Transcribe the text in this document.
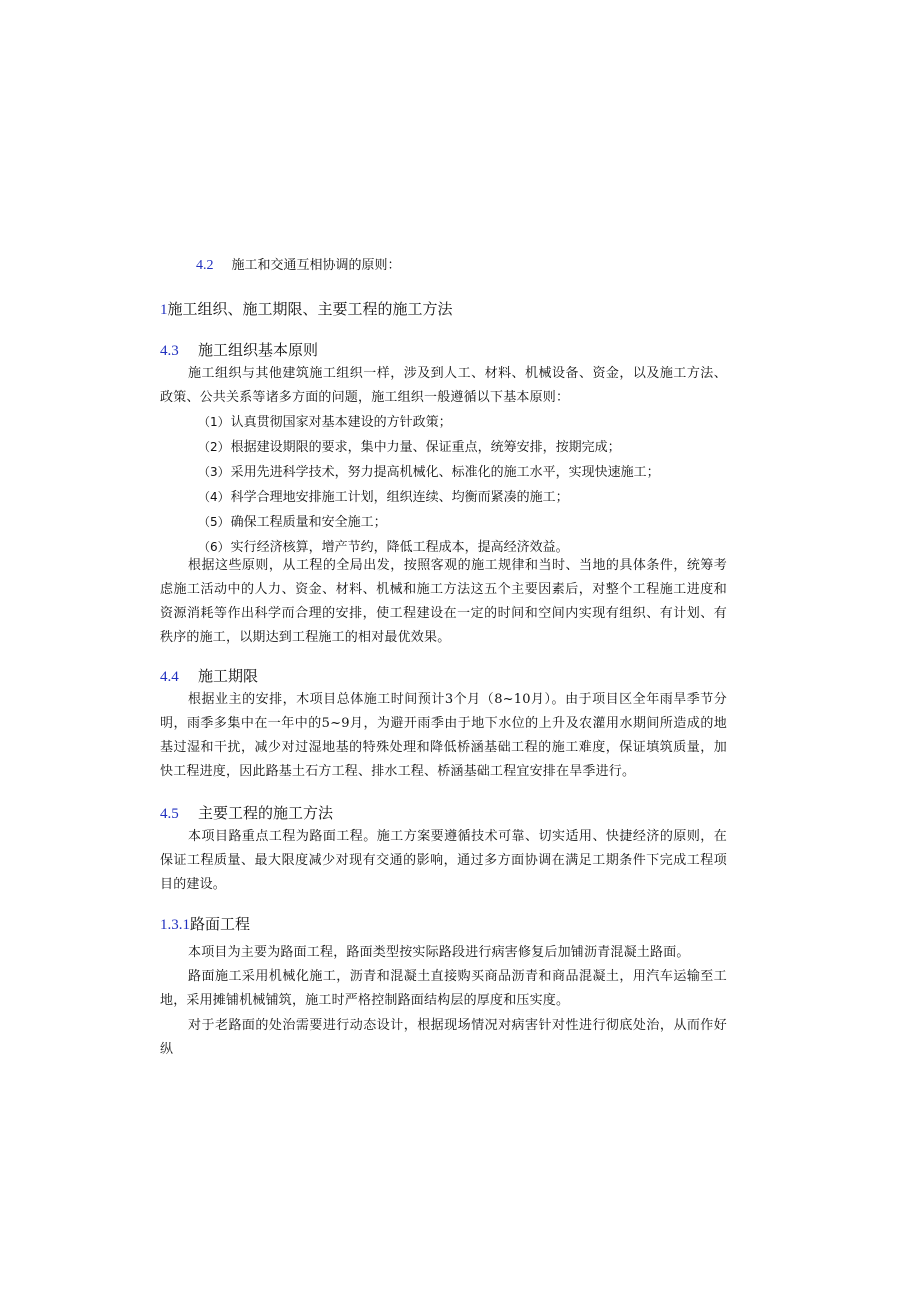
4.2 施工和交通互相协调的原则：
1施工组织、施工期限、主要工程的施工方法
4.3 施工组织基本原则

施工组织与其他建筑施工组织一样，涉及到人工、材料、机械设备、资金，以及施工方法、政策、公共关系等诸多方面的问题，施工组织一般遵循以下基本原则：

（1）认真贯彻国家对基本建设的方针政策；
（2）根据建设期限的要求，集中力量、保证重点，统筹安排，按期完成；
（3）采用先进科学技术，努力提高机械化、标准化的施工水平，实现快速施工；
（4）科学合理地安排施工计划，组织连续、均衡而紧凑的施工；
（5）确保工程质量和安全施工；
（6）实行经济核算，增产节约，降低工程成本，提高经济效益。

根据这些原则，从工程的全局出发，按照客观的施工规律和当时、当地的具体条件，统筹考虑施工活动中的人力、资金、材料、机械和施工方法这五个主要因素后，对整个工程施工进度和资源消耗等作出科学而合理的安排，使工程建设在一定的时间和空间内实现有组织、有计划、有秩序的施工，以期达到工程施工的相对最优效果。

4.4 施工期限

根据业主的安排，木项目总体施工时间预计3个月（8~10月）。由于项目区全年雨旱季节分明，雨季多集中在一年中的5~9月，为避开雨季由于地下水位的上升及农灌用水期间所造成的地基过湿和干扰，减少对过湿地基的特殊处理和降低桥涵基础工程的施工难度，保证填筑质量，加快工程进度，因此路基土石方工程、排水工程、桥涵基础工程宜安排在旱季进行。

4.5 主要工程的施工方法

本项目路重点工程为路面工程。施工方案要遵循技术可靠、切实适用、快捷经济的原则，在保证工程质量、最大限度减少对现有交通的影响，通过多方面协调在满足工期条件下完成工程项目的建设。

1.3.1路面工程

本项目为主要为路面工程，路面类型按实际路段进行病害修复后加铺沥青混凝土路面。

路面施工采用机械化施工，沥青和混凝土直接购买商品沥青和商品混凝土，用汽车运输至工地，采用摊铺机械铺筑，施工时严格控制路面结构层的厚度和压实度。

对于老路面的处治需要进行动态设计，根据现场情况对病害针对性进行彻底处治，从而作好纵
